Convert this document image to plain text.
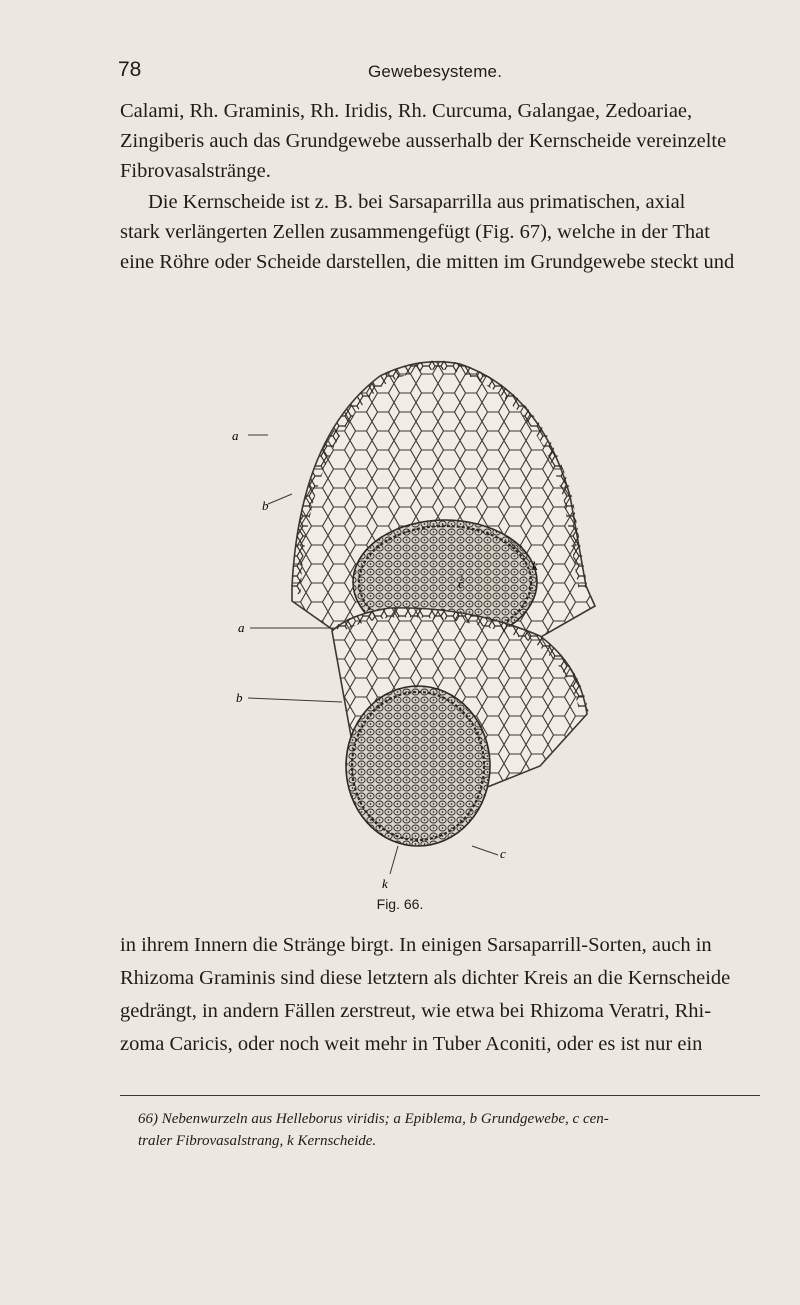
78	Gewebesysteme.

Calami, Rh. Graminis, Rh. Iridis, Rh. Curcuma, Galangae, Zedoariae,
Zingiberis auch das Grundgewebe ausserhalb der Kernscheide vereinzelte
Fibrovasalstränge.

Die Kernscheide ist z. B. bei Sarsaparrilla aus primatischen, axial
stark verlängerten Zellen zusammengefügt (Fig. 67), welche in der That
eine Röhre oder Scheide darstellen, die mitten im Grundgewebe steckt und

a
b
k
c
a
b
c
k
Fig. 66.

in ihrem Innern die Stränge birgt. In einigen Sarsaparrill-Sorten, auch in
Rhizoma Graminis sind diese letztern als dichter Kreis an die Kernscheide
gedrängt, in andern Fällen zerstreut, wie etwa bei Rhizoma Veratri, Rhi-
zoma Caricis, oder noch weit mehr in Tuber Aconiti, oder es ist nur ein

66) Nebenwurzeln aus Helleborus viridis; a Epiblema, b Grundgewebe, c cen-
traler Fibrovasalstrang, k Kernscheide.
